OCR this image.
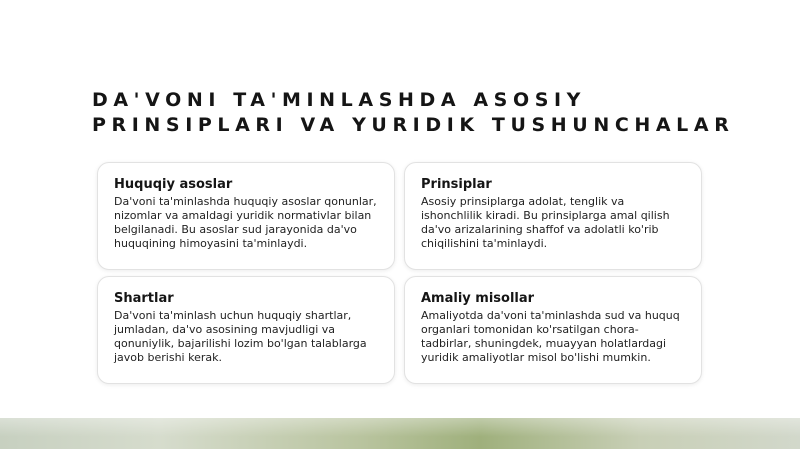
DA'VONI TA'MINLASHDA ASOSIY
PRINSIPLARI VA YURIDIK TUSHUNCHALAR
Huquqiy asoslar
Da'voni ta'minlashda huquqiy asoslar qonunlar,
nizomlar va amaldagi yuridik normativlar bilan
belgilanadi. Bu asoslar sud jarayonida da'vo
huquqining himoyasini ta'minlaydi.
Prinsiplar
Asosiy prinsiplarga adolat, tenglik va
ishonchlilik kiradi. Bu prinsiplarga amal qilish
da'vo arizalarining shaffof va adolatli ko'rib
chiqilishini ta'minlaydi.
Shartlar
Da'voni ta'minlash uchun huquqiy shartlar,
jumladan, da'vo asosining mavjudligi va
qonuniylik, bajarilishi lozim bo'lgan talablarga
javob berishi kerak.
Amaliy misollar
Amaliyotda da'voni ta'minlashda sud va huquq
organlari tomonidan ko'rsatilgan chora-
tadbirlar, shuningdek, muayyan holatlardagi
yuridik amaliyotlar misol bo'lishi mumkin.
